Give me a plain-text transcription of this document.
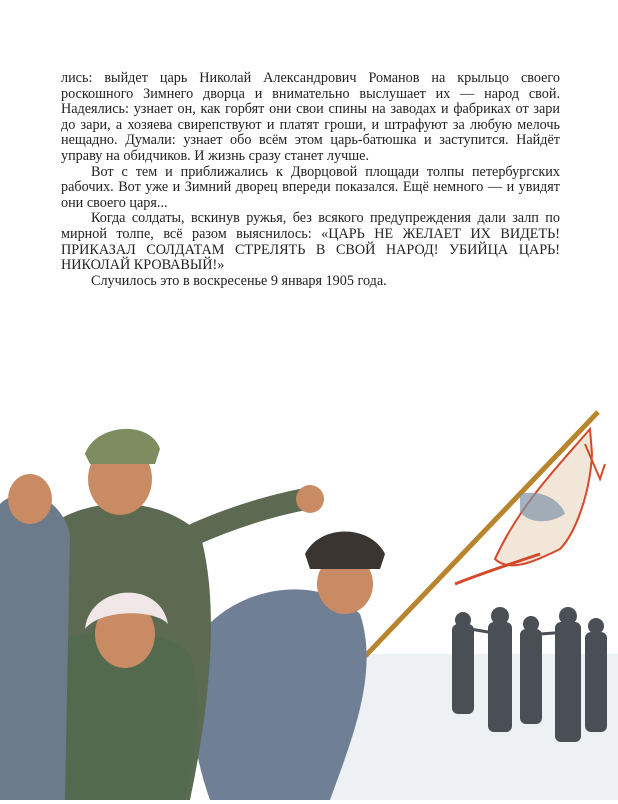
лись: выйдет царь Николай Александрович Романов на крыльцо своего роскошного Зимнего дворца и внимательно выслушает их — народ свой. Надеялись: узнает он, как горбят они свои спины на заводах и фабриках от зари до зари, а хозяева свирепствуют и платят гроши, и штрафуют за любую мелочь нещадно. Думали: узнает обо всём этом царь-батюшка и заступится. Найдёт управу на обидчиков. И жизнь сразу станет лучше.

Вот с тем и приближались к Дворцовой площади толпы петербургских рабочих. Вот уже и Зимний дворец впереди показался. Ещё немного — и увидят они своего царя...

Когда солдаты, вскинув ружья, без всякого предупреждения дали залп по мирной толпе, всё разом выяснилось: «ЦАРЬ НЕ ЖЕЛАЕТ ИХ ВИДЕТЬ! ПРИКАЗАЛ СОЛДАТАМ СТРЕЛЯТЬ В СВОЙ НАРОД! УБИЙЦА ЦАРЬ! НИКОЛАЙ КРОВАВЫЙ!»

Случилось это в воскресенье 9 января 1905 года.
